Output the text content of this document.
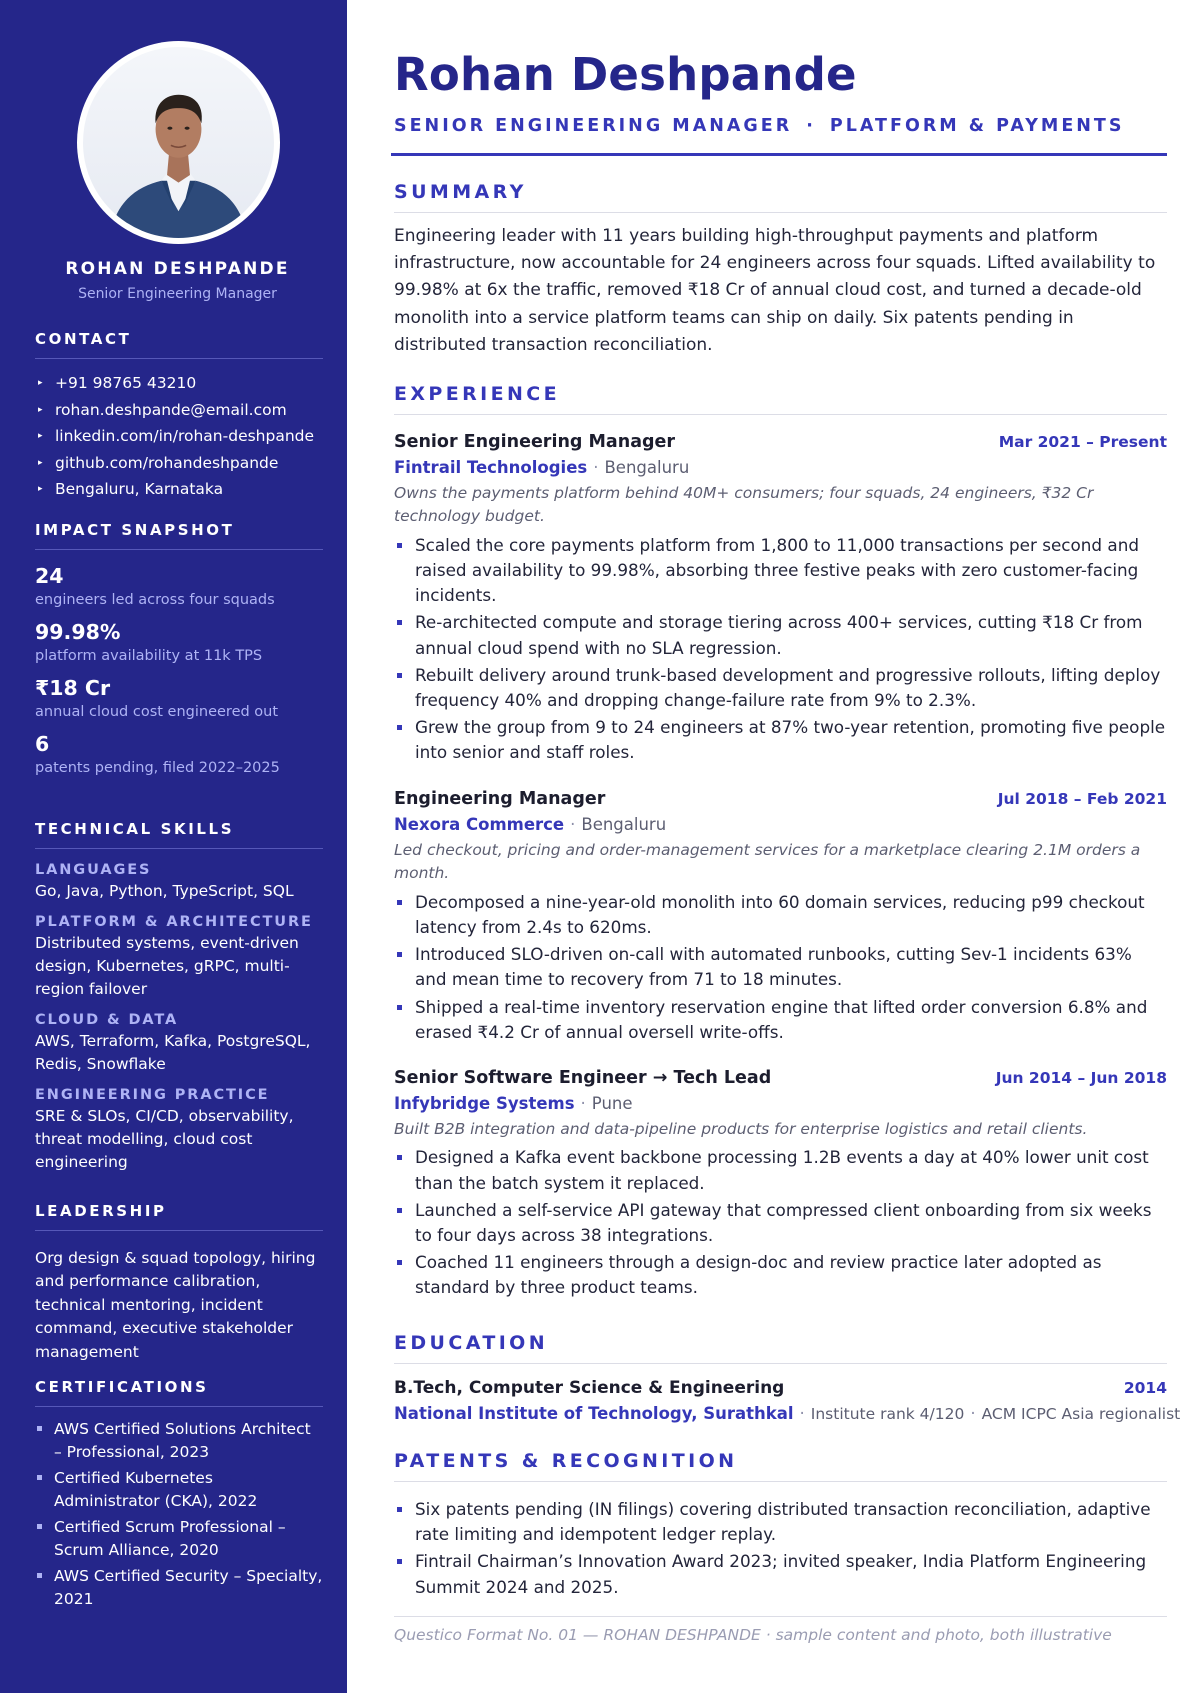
ROHAN DESHPANDE
Senior Engineering Manager
CONTACT
▸ +91 98765 43210
▸ rohan.deshpande@email.com
▸ linkedin.com/in/rohan-deshpande
▸ github.com/rohandeshpande
▸ Bengaluru, Karnataka
IMPACT SNAPSHOT
24
engineers led across four squads
99.98%
platform availability at 11k TPS
₹18 Cr
annual cloud cost engineered out
6
patents pending, filed 2022–2025
TECHNICAL SKILLS
LANGUAGES
Go, Java, Python, TypeScript, SQL
PLATFORM & ARCHITECTURE
Distributed systems, event-driven design, Kubernetes, gRPC, multi-region failover
CLOUD & DATA
AWS, Terraform, Kafka, PostgreSQL, Redis, Snowflake
ENGINEERING PRACTICE
SRE & SLOs, CI/CD, observability, threat modelling, cloud cost engineering
LEADERSHIP
Org design & squad topology, hiring and performance calibration, technical mentoring, incident command, executive stakeholder management
CERTIFICATIONS
AWS Certified Solutions Architect – Professional, 2023
Certified Kubernetes Administrator (CKA), 2022
Certified Scrum Professional – Scrum Alliance, 2020
AWS Certified Security – Specialty, 2021
Rohan Deshpande
SENIOR ENGINEERING MANAGER · PLATFORM & PAYMENTS
SUMMARY

Engineering leader with 11 years building high-throughput payments and platform infrastructure, now accountable for 24 engineers across four squads. Lifted availability to 99.98% at 6x the traffic, removed ₹18 Cr of annual cloud cost, and turned a decade-old monolith into a service platform teams can ship on daily. Six patents pending in distributed transaction reconciliation.

EXPERIENCE
Senior Engineering Manager	Mar 2021 – Present
Fintrail Technologies · Bengaluru
Owns the payments platform behind 40M+ consumers; four squads, 24 engineers, ₹32 Cr technology budget.
Scaled the core payments platform from 1,800 to 11,000 transactions per second and raised availability to 99.98%, absorbing three festive peaks with zero customer-facing incidents.
Re-architected compute and storage tiering across 400+ services, cutting ₹18 Cr from annual cloud spend with no SLA regression.
Rebuilt delivery around trunk-based development and progressive rollouts, lifting deploy frequency 40% and dropping change-failure rate from 9% to 2.3%.
Grew the group from 9 to 24 engineers at 87% two-year retention, promoting five people into senior and staff roles.
Engineering Manager	Jul 2018 – Feb 2021
Nexora Commerce · Bengaluru
Led checkout, pricing and order-management services for a marketplace clearing 2.1M orders a month.
Decomposed a nine-year-old monolith into 60 domain services, reducing p99 checkout latency from 2.4s to 620ms.
Introduced SLO-driven on-call with automated runbooks, cutting Sev-1 incidents 63% and mean time to recovery from 71 to 18 minutes.
Shipped a real-time inventory reservation engine that lifted order conversion 6.8% and erased ₹4.2 Cr of annual oversell write-offs.
Senior Software Engineer → Tech Lead	Jun 2014 – Jun 2018
Infybridge Systems · Pune
Built B2B integration and data-pipeline products for enterprise logistics and retail clients.
Designed a Kafka event backbone processing 1.2B events a day at 40% lower unit cost than the batch system it replaced.
Launched a self-service API gateway that compressed client onboarding from six weeks to four days across 38 integrations.
Coached 11 engineers through a design-doc and review practice later adopted as standard by three product teams.
EDUCATION
B.Tech, Computer Science & Engineering	2014
National Institute of Technology, Surathkal · Institute rank 4/120 · ACM ICPC Asia regionalist
PATENTS & RECOGNITION
Six patents pending (IN filings) covering distributed transaction reconciliation, adaptive rate limiting and idempotent ledger replay.
Fintrail Chairman’s Innovation Award 2023; invited speaker, India Platform Engineering Summit 2024 and 2025.
Questico Format No. 01 — ROHAN DESHPANDE · sample content and photo, both illustrative
